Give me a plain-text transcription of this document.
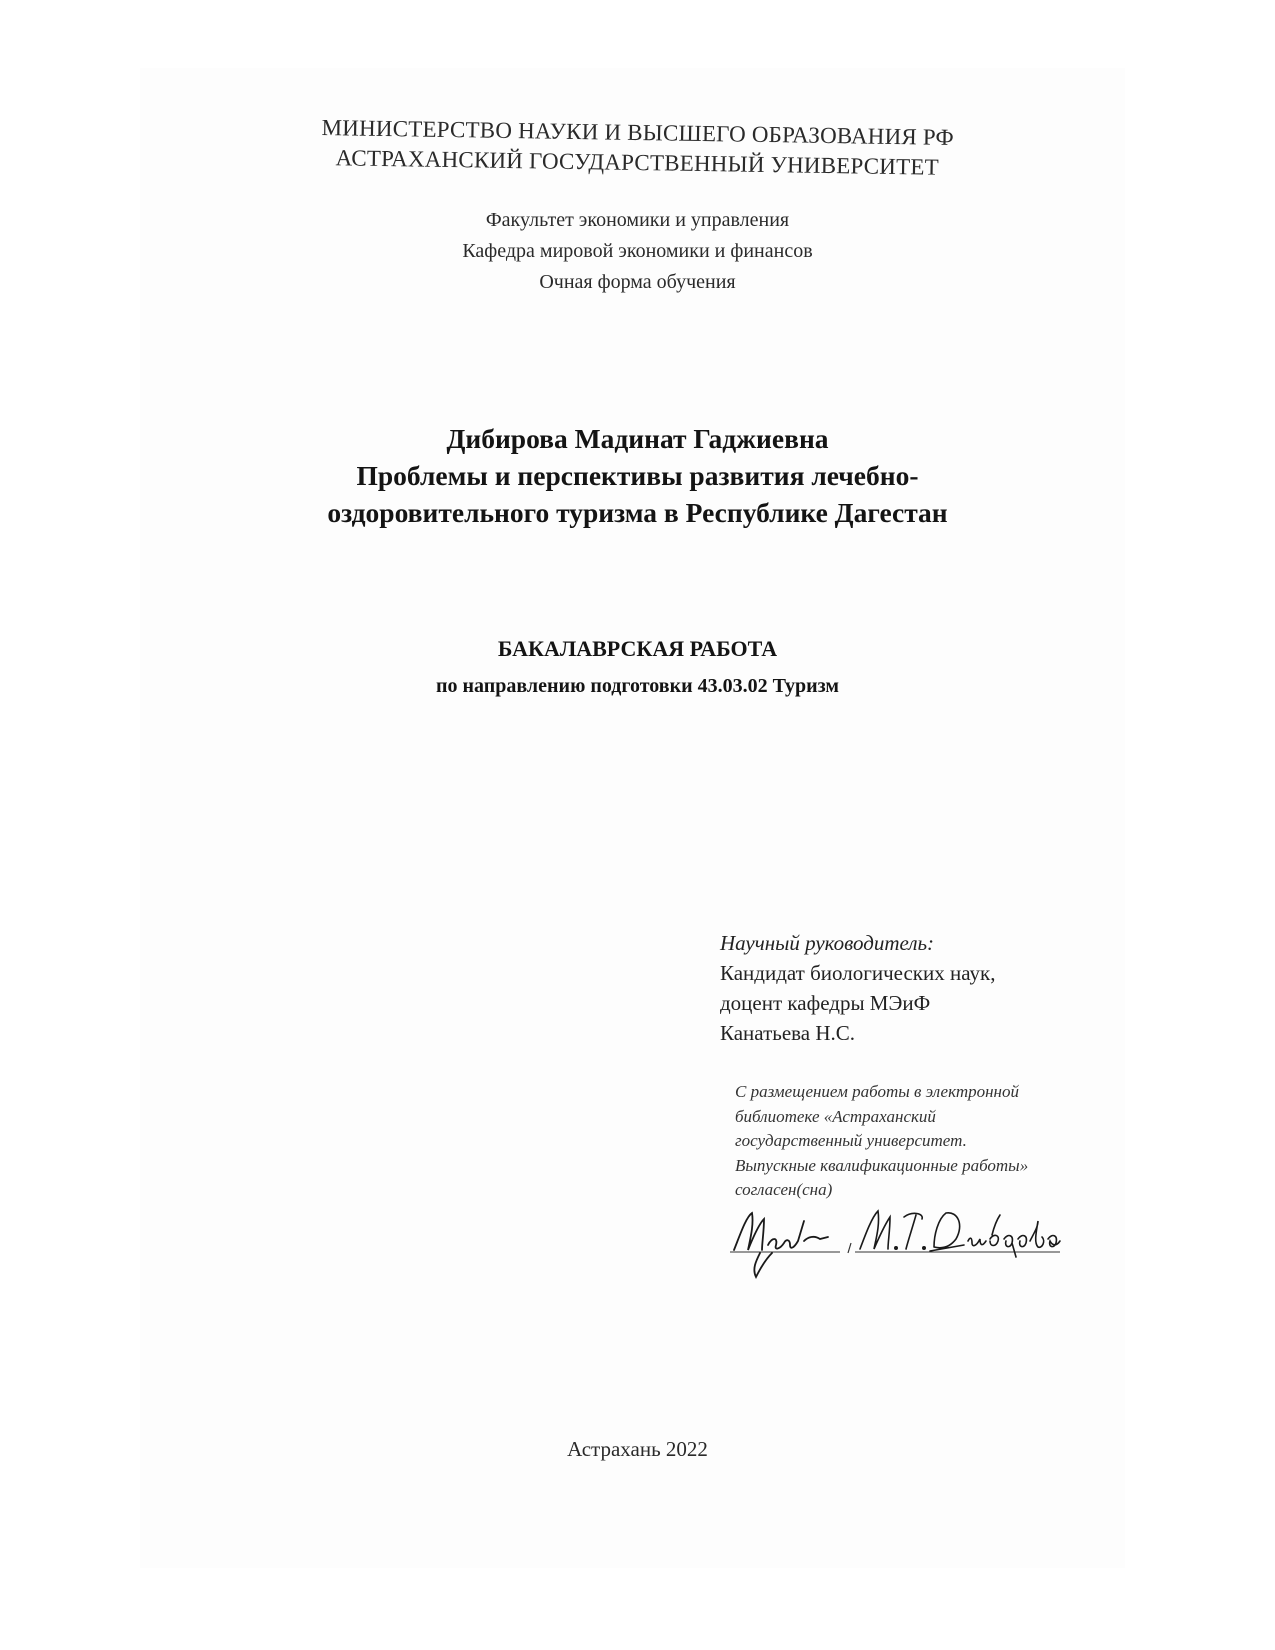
МИНИСТЕРСТВО НАУКИ И ВЫСШЕГО ОБРАЗОВАНИЯ РФ
АСТРАХАНСКИЙ ГОСУДАРСТВЕННЫЙ УНИВЕРСИТЕТ
Факультет экономики и управления
Кафедра мировой экономики и финансов
Очная форма обучения
Дибирова Мадинат Гаджиевна
Проблемы и перспективы развития лечебно-
оздоровительного туризма в Республике Дагестан
БАКАЛАВРСКАЯ РАБОТА
по направлению подготовки 43.03.02 Туризм
Научный руководитель:
Кандидат биологических наук,
доцент кафедры МЭиФ
Канатьева Н.С.
С размещением работы в электронной
библиотеке «Астраханский
государственный университет.
Выпускные квалификационные работы»
согласен(сна)
Астрахань 2022
